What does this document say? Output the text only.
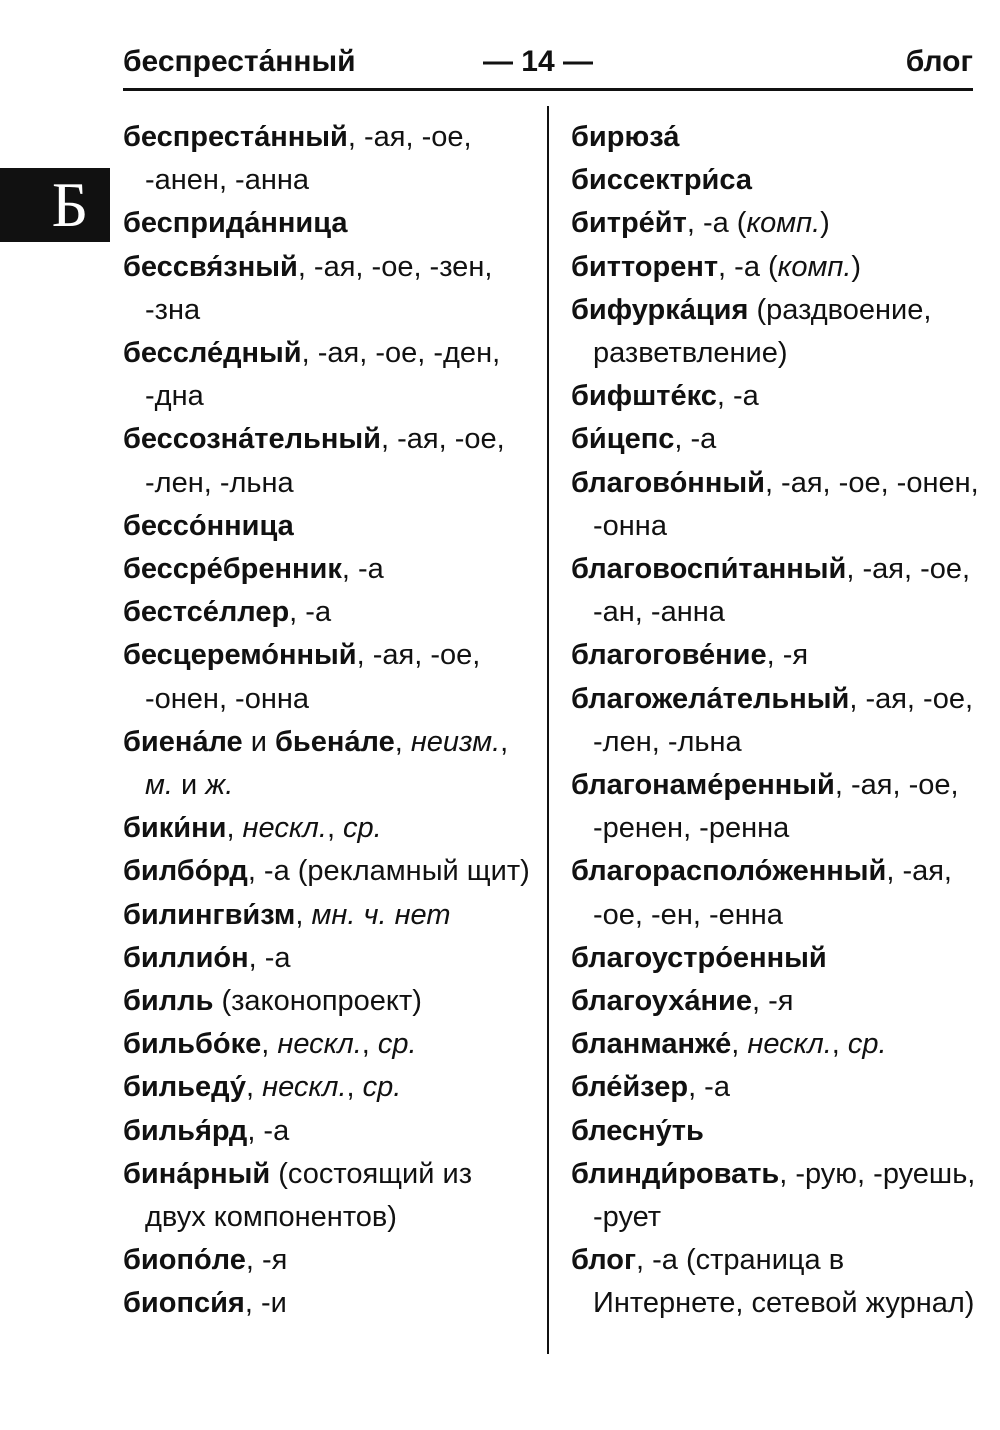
беспреста́нный	— 14 —	блог
Б

беспреста́нный, -ая, -ое, -анен, -анна

бесприда́нница

бессвя́зный, -ая, -ое, -зен, -зна

бессле́дный, -ая, -ое, -ден, -дна

бессозна́тельный, -ая, -ое, -лен, -льна

бессо́нница

бессре́бренник, -а

бестсе́ллер, -а

бесцеремо́нный, -ая, -ое, -онен, -онна

биена́ле и бьена́ле, неизм., м. и ж.

бики́ни, нескл., ср.

билбо́рд, -а (рекламный щит)

билингви́зм, мн. ч. нет

биллио́н, -а

билль (законопроект)

бильбо́ке, нескл., ср.

бильеду́, нескл., ср.

билья́рд, -а

бина́рный (состоящий из двух компонентов)

биопо́ле, -я

биопси́я, -и

бирюза́

биссектри́са

битре́йт, -а (комп.)

битторент, -а (комп.)

бифурка́ция (раздвоение, разветвление)

бифште́кс, -а

би́цепс, -а

благово́нный, -ая, -ое, -онен, -онна

благовоспи́танный, -ая, -ое, -ан, -анна

благогове́ние, -я

благожела́тельный, -ая, -ое, -лен, -льна

благонаме́ренный, -ая, -ое, -ренен, -ренна

благорасполо́женный, -ая, -ое, -ен, -енна

благоустро́енный

благоуха́ние, -я

бланманже́, нескл., ср.

бле́йзер, -а

блесну́ть

блинди́ровать, -рую, -руешь, -рует

блог, -а (страница в Интернете, сетевой журнал)
